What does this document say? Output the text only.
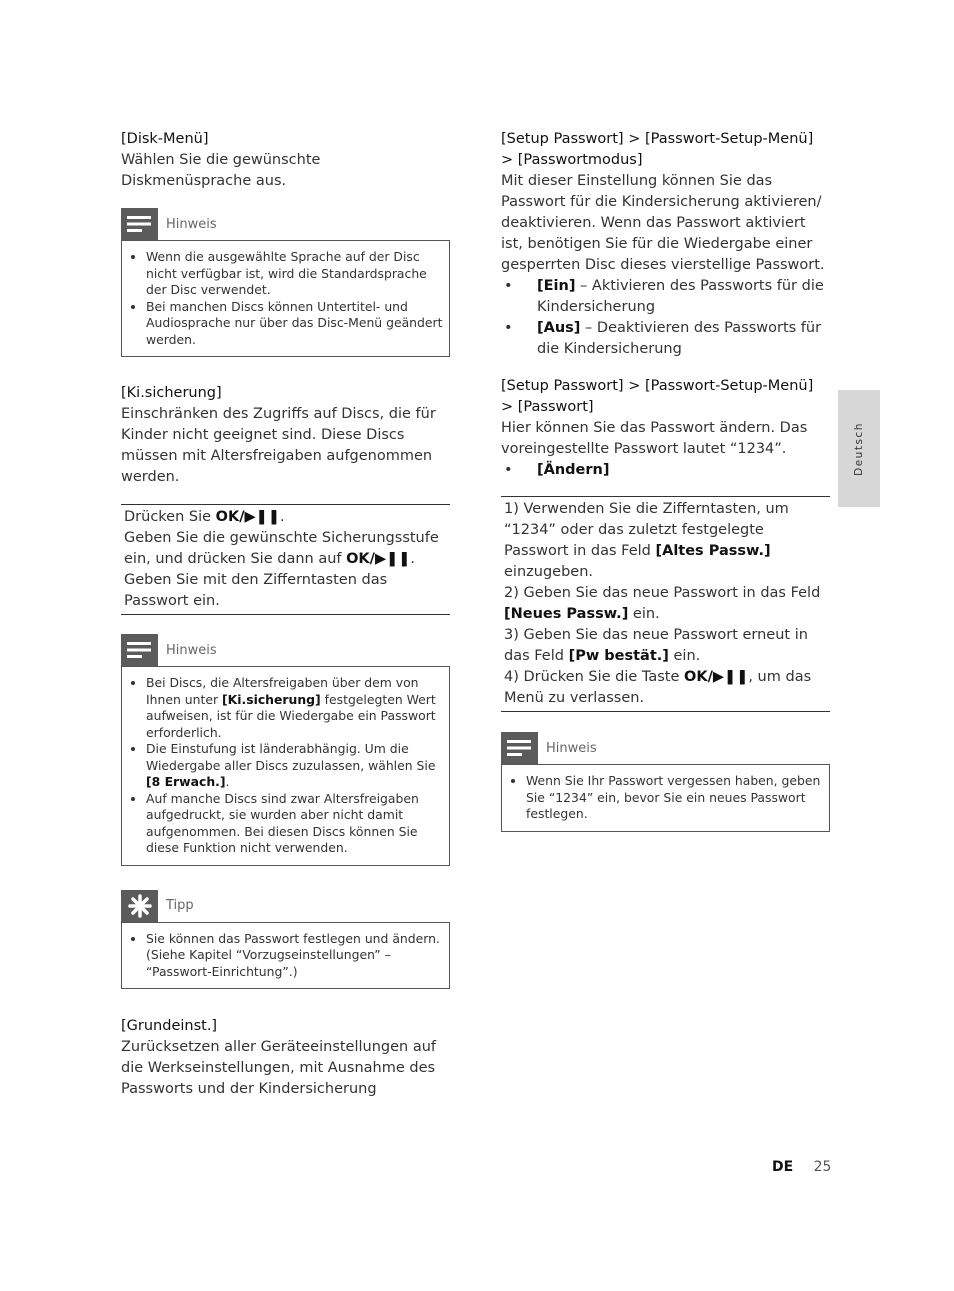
[Disk-Menü]
Wählen Sie die gewünschte Diskmenüsprache aus.
Hinweis
• Wenn die ausgewählte Sprache auf der Disc nicht verfügbar ist, wird die Standardsprache der Disc verwendet.
• Bei manchen Discs können Untertitel- und Audiosprache nur über das Disc-Menü geändert werden.
[Ki.sicherung]
Einschränken des Zugriffs auf Discs, die für Kinder nicht geeignet sind. Diese Discs müssen mit Altersfreigaben aufgenommen werden.
Drücken Sie OK/▶❚❚.
Geben Sie die gewünschte Sicherungsstufe ein, und drücken Sie dann auf OK/▶❚❚.
Geben Sie mit den Zifferntasten das Passwort ein.
Hinweis
• Bei Discs, die Altersfreigaben über dem von Ihnen unter [Ki.sicherung] festgelegten Wert aufweisen, ist für die Wiedergabe ein Passwort erforderlich.
• Die Einstufung ist länderabhängig. Um die Wiedergabe aller Discs zuzulassen, wählen Sie [8 Erwach.].
• Auf manche Discs sind zwar Altersfreigaben aufgedruckt, sie wurden aber nicht damit aufgenommen. Bei diesen Discs können Sie diese Funktion nicht verwenden.
Tipp
• Sie können das Passwort festlegen und ändern. (Siehe Kapitel “Vorzugseinstellungen” – “Passwort-Einrichtung”.)
[Grundeinst.]
Zurücksetzen aller Geräteeinstellungen auf die Werkseinstellungen, mit Ausnahme des Passworts und der Kindersicherung
[Setup Passwort] > [Passwort-Setup-Menü]
> [Passwortmodus]
Mit dieser Einstellung können Sie das Passwort für die Kindersicherung aktivieren/ deaktivieren. Wenn das Passwort aktiviert ist, benötigen Sie für die Wiedergabe einer gesperrten Disc dieses vierstellige Passwort.
•	[Ein] – Aktivieren des Passworts für die Kindersicherung
•	[Aus] – Deaktivieren des Passworts für die Kindersicherung
[Setup Passwort] > [Passwort-Setup-Menü]
> [Passwort]
Hier können Sie das Passwort ändern. Das voreingestellte Passwort lautet “1234”.
•	[Ändern]
1) Verwenden Sie die Zifferntasten, um “1234” oder das zuletzt festgelegte Passwort in das Feld [Altes Passw.] einzugeben.
2) Geben Sie das neue Passwort in das Feld [Neues Passw.] ein.
3) Geben Sie das neue Passwort erneut in das Feld [Pw bestät.] ein.
4) Drücken Sie die Taste OK/▶❚❚, um das Menü zu verlassen.
Hinweis
• Wenn Sie Ihr Passwort vergessen haben, geben Sie “1234” ein, bevor Sie ein neues Passwort festlegen.
Deutsch
DE 25
